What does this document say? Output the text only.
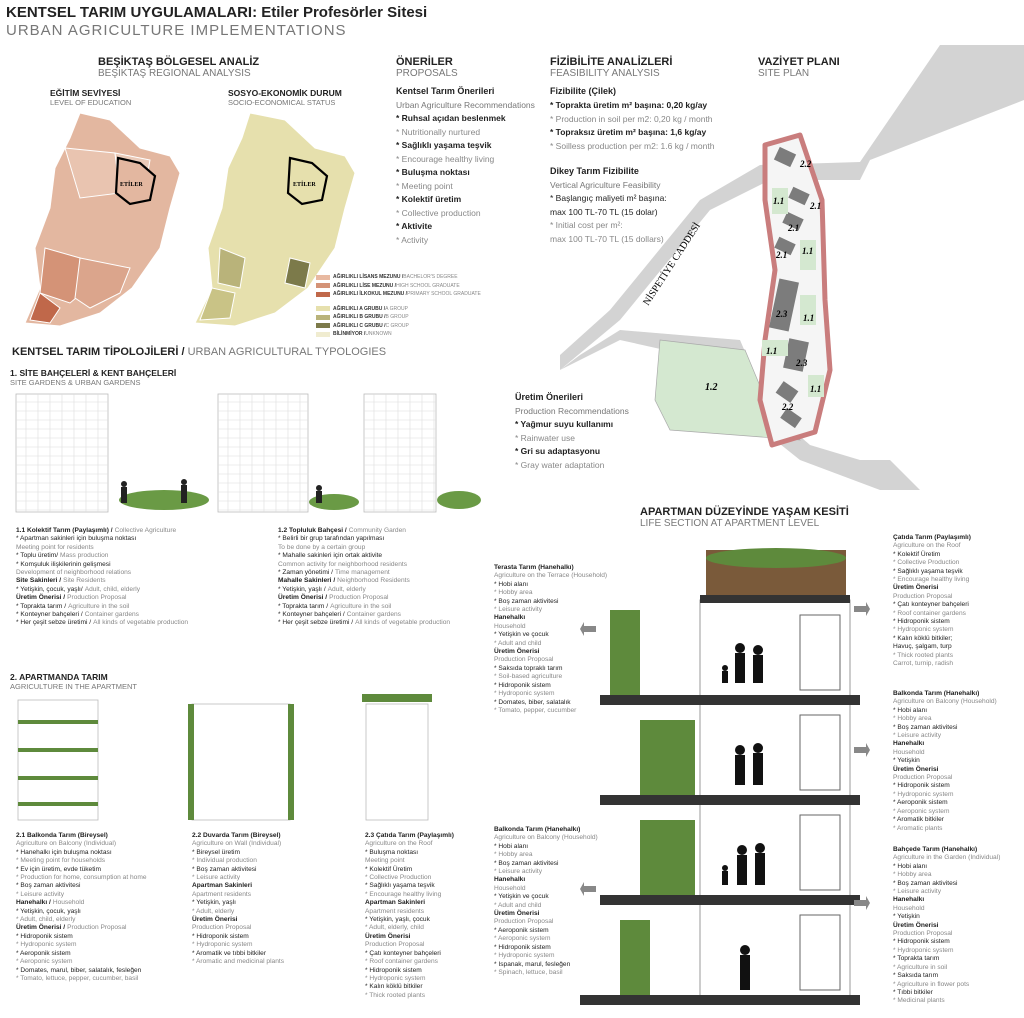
KENTSEL TARIM UYGULAMALARI: Etiler Profesörler Sitesi
URBAN AGRICULTURE IMPLEMENTATIONS
BEŞİKTAŞ BÖLGESEL ANALİZ
BEŞİKTAŞ REGIONAL ANALYSIS
EĞİTİM SEVİYESİ
LEVEL OF EDUCATION
SOSYO-EKONOMİK DURUM
SOCIO-ECONOMICAL STATUS
ETİLER	ETİLER
AĞIRLIKLI LİSANS MEZUNU / BACHELOR'S DEGREE
AĞIRLIKLI LİSE MEZUNU / HIGH SCHOOL GRADUATE
AĞIRLIKLI İLKOKUL MEZUNU / PRIMARY SCHOOL GRADUATE
AĞIRLIKLI A GRUBU / A GROUP
AĞIRLIKLI B GRUBU / B GROUP
AĞIRLIKLI C GRUBU / C GROUP
BİLİNMİYOR / UNKNOWN
ÖNERİLER
PROPOSALS
Kentsel Tarım Önerileri
Urban Agriculture Recommendations
* Ruhsal açıdan beslenmek
* Nutritionally nurtured
* Sağlıklı yaşama teşvik
* Encourage healthy living
* Buluşma noktası
* Meeting point
* Kolektif üretim
* Collective production
* Aktivite
* Activity
FİZİBİLİTE ANALİZLERİ
FEASIBILITY ANALYSIS
Fizibilite (Çilek)
* Toprakta üretim m² başına: 0,20 kg/ay
* Production in soil per m2: 0,20 kg / month
* Topraksız üretim m² başına: 1,6 kg/ay
* Soilless production per m2: 1.6 kg / month
Dikey Tarım Fizibilite
Vertical Agriculture Feasibility
* Başlangıç maliyeti m² başına:
max 100 TL-70 TL (15 dolar)
* Initial cost per m²:
max 100 TL-70 TL (15 dollars)
VAZİYET PLANI
SITE PLAN
2.2
1.1	2.1
2.1
2.1 1.1
2.3 1.1
1.1
2.3
1.1
2.2
1.2
NİSPETİYE CADDESİ
Üretim Önerileri
Production Recommendations
* Yağmur suyu kullanımı
* Rainwater use
* Gri su adaptasyonu
* Gray water adaptation
KENTSEL TARIM TİPOLOJİLERİ / URBAN AGRICULTURAL TYPOLOGIES
1. SİTE BAHÇELERİ & KENT BAHÇELERİ
SITE GARDENS & URBAN GARDENS
2. APARTMANDA TARIM
AGRICULTURE IN THE APARTMENT
1.1 Kolektif Tarım (Paylaşımlı) / Collective Agriculture
* Apartman sakinleri için buluşma noktası
Meeting point for residents
* Toplu üretim/ Mass production
* Komşuluk ilişkilerinin gelişmesi
Development of neighborhood relations
Site Sakinleri / Site Residents
* Yetişkin, çocuk, yaşlı/ Adult, child, elderly
Üretim Önerisi / Production Proposal
* Toprakta tarım / Agriculture in the soil
* Konteyner bahçeleri / Container gardens
* Her çeşit sebze üretimi / All kinds of vegetable production
1.2 Topluluk Bahçesi / Community Garden
* Belirli bir grup tarafından yapılması
To be done by a certain group
* Mahalle sakinleri için ortak aktivite
Common activity for neighborhood residents
* Zaman yönetimi / Time management
Mahalle Sakinleri / Neighborhood Residents
* Yetişkin, yaşlı / Adult, elderly
Üretim Önerisi / Production Proposal
* Toprakta tarım / Agriculture in the soil
* Konteyner bahçeleri / Container gardens
* Her çeşit sebze üretimi / All kinds of vegetable production
2.1 Balkonda Tarım (Bireysel)
Agriculture on Balcony (Individual)
* Hanehalkı için buluşma noktası
* Meeting point for households
* Ev için üretim, evde tüketim
* Production for home, consumption at home
* Boş zaman aktivitesi
* Leisure activity
Hanehalkı / Household
* Yetişkin, çocuk, yaşlı
* Adult, child, elderly
Üretim Önerisi / Production Proposal
* Hidroponik sistem
* Hydroponic system
* Aeroponik sistem
* Aeroponic system
* Domates, marul, biber, salatalık, fesleğen
* Tomato, lettuce, pepper, cucumber, basil
2.2 Duvarda Tarım (Bireysel)
Agriculture on Wall (Individual)
* Bireysel üretim
* Individual production
* Boş zaman aktivitesi
* Leisure activity
Apartman Sakinleri
Apartment residents
* Yetişkin, yaşlı
* Adult, elderly
Üretim Önerisi
Production Proposal
* Hidroponik sistem
* Hydroponic system
* Aromatik ve tıbbi bitkiler
* Aromatic and medicinal plants
2.3 Çatıda Tarım (Paylaşımlı)
Agriculture on the Roof
* Buluşma noktası
Meeting point
* Kolektif Üretim
* Collective Production
* Sağlıklı yaşama teşvik
* Encourage healthy living
Apartman Sakinleri
Apartment residents
* Yetişkin, yaşlı, çocuk
* Adult, elderly, child
Üretim Önerisi
Production Proposal
* Çatı konteyner bahçeleri
* Roof container gardens
* Hidroponik sistem
* Hydroponic system
* Kalın köklü bitkiler
* Thick rooted plants
APARTMAN DÜZEYİNDE YAŞAM KESİTİ
LIFE SECTION AT APARTMENT LEVEL
Terasta Tarım (Hanehalkı)
Agriculture on the Terrace (Household)
* Hobi alanı
* Hobby area
* Boş zaman aktivitesi
* Leisure activity
Hanehalkı
Household
* Yetişkin ve çocuk
* Adult and child
Üretim Önerisi
Production Proposal
* Saksıda topraklı tarım
* Soil-based agriculture
* Hidroponik sistem
* Hydroponic system
* Domates, biber, salatalık
* Tomato, pepper, cucumber
Balkonda Tarım (Hanehalkı)
Agriculture on Balcony (Household)
* Hobi alanı
* Hobby area
* Boş zaman aktivitesi
* Leisure activity
Hanehalkı
Household
* Yetişkin ve çocuk
* Adult and child
Üretim Önerisi
Production Proposal
* Aeroponik sistem
* Aeroponic system
* Hidroponik sistem
* Hydroponic system
* Ispanak, marul, fesleğen
* Spinach, lettuce, basil
Çatıda Tarım (Paylaşımlı)
Agriculture on the Roof
* Kolektif Üretim
* Collective Production
* Sağlıklı yaşama teşvik
* Encourage healthy living
Üretim Önerisi
Production Proposal
* Çatı konteyner bahçeleri
* Roof container gardens
* Hidroponik sistem
* Hydroponic system
* Kalın köklü bitkiler;
Havuç, şalgam, turp
* Thick rooted plants
Carrot, turnip, radish
Balkonda Tarım (Hanehalkı)
Agriculture on Balcony (Household)
* Hobi alanı
* Hobby area
* Boş zaman aktivitesi
* Leisure activity
Hanehalkı
Household
* Yetişkin
Üretim Önerisi
Production Proposal
* Hidroponik sistem
* Hydroponic system
* Aeroponik sistem
* Aeroponic system
* Aromatik bitkiler
* Aromatic plants
Bahçede Tarım (Hanehalkı)
Agriculture in the Garden (Individual)
* Hobi alanı
* Hobby area
* Boş zaman aktivitesi
* Leisure activity
Hanehalkı
Household
* Yetişkin
Üretim Önerisi
Production Proposal
* Hidroponik sistem
* Hydroponic system
* Toprakta tarım
* Agriculture in soil
* Saksıda tarım
* Agriculture in flower pots
* Tıbbi bitkiler
* Medicinal plants
